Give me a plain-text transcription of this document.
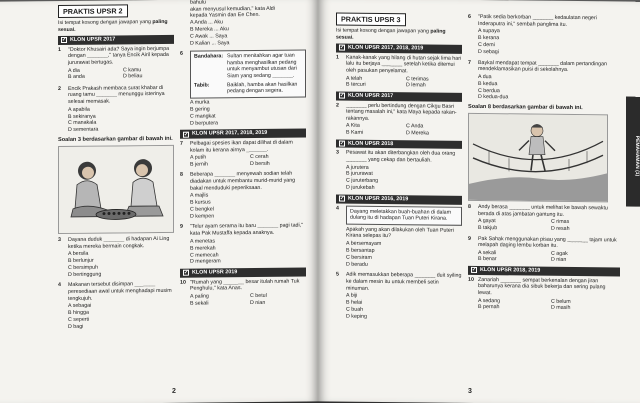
PRAKTIS UPSR 2
Isi tempat kosong dengan jawapan yang paling sesuai.
✓ KLON UPSR 2017
1	"Doktor Khusairi ada? Saya ingin berjumpa dengan _______," tanya Encik Airil kepada jururawat bertugas.
A dia	C kamu
B anda	D beliau
2	Encik Prakash membaca surat khabar di ruang tamu _______ menunggu isterinya selesai memasak.
A apabila
B sekiranya
C manakala
D sementara
Soalan 3 berdasarkan gambar di bawah ini.
3	Dayana duduk _______ di hadapan Ai Ling ketika mereka bermain congkak.
A bersila
B berlunjur
C bersimpuh
D bertinggung
4	Makanan tersebut disimpan _______ peresediaan awal untuk menghadapi musim tengkujuh.
A sebagai
B hingga
C seperti
D bagi
bahulu
akan menyusul kemudian," kata Aldi
kepada Yasmin dan Ee Chen.
A Anda ... Aku
B Mereka ... Aku
C Awak ... Saya
D Kalian ... Saya
6	Bandahara: Sultan menitahkan agar tuan hamba menghasilkan pedang untuk menyambut utusan dari Siam yang sedang _______.
Tabib:	Baiklah, hamba akan hasilkan pedang dengan segera.
A murka
B gering
C mangkat
D berputera
✓ KLON UPSR 2017, 2018, 2019
7	Pelbagai spesies ikan dapat dilihat di dalam kolam itu kerana airnya _______.
A putih	C cerah
B jernih	D bersih
8	Beberapa _______ menyewah sodian telah diadakan untuk membantu murid-murid yang bakal menduduki peperiksaan.
A majlis
B kursus
C bengkel
D kempen
9	"Telur ayam serama itu baru _______ pagi tadi," kata Pak Mustaffa kepada anaknya.
A menetas
B merekah
C memecah
D mengeram
✓ KLON UPSR 2019
10 "Rumah yang _______ besar itulah rumah Tuk Penghulu," kata Anas.
A paling	C betul
B sekali	D nian
2
PRAKTIS UPSR 3
Isi tempat kosong dengan jawapan yang paling sesuai.
✓ KLON UPSR 2017, 2018, 2019
1	Kanak-kanak yang hilang di hutan sejak lima hari lalu itu berjaya _______ setelah ketika ditemui oleh pasukan penyelamat.
A telah	C terimas
B tercuri	D lemah
✓ KLON UPSR 2017
2	_______ perlu bertindung dengan Cikgu Basri tentang masalah ini," kata Maya kepada rakan-rakannya.
A Kita	C Anda
B Kami	D Mereka
✓ KLON UPSR 2018
3	Pesawat itu akan diterbangkan oleh dua orang _______ yang cekap dan bertauliah.
A jurutera
B jururawat
C juruterbang
D jurukebah
✓ KLON UPSR 2016, 2019
4
Dayang meletakkan buah-buahan di dalam dulang itu di hadapan Tuan Puteri Kirana.
Apakah yang akan dilakukan oleh Tuan Puteri Kirana selepas itu?
A bersemayam
B bersantap
C bersiram
D beradu
5	Adik memasukkan beberapa _______ duit syiling ke dalam mesin itu untuk membeli setin minuman.
A biji
B helai
C buah
D keping
6	"Patik sedia berkorban _______ kedaulatan negeri Inderaputra ini," sembah panglima itu.
A supaya
B kerana
C demi
D sebagi
7	Baykal mendapat tempat _______ dalam pertandingan mendeklamasikan puisi di sekolahnya.
A dua
B kedua
C berdua
D kedua-dua
Soalan 8 berdasarkan gambar di bawah ini.
8	Andy berasa _______ untuk melihat ke bawah sewaktu berada di atas jambatan gantung itu.
A gayat	C rimas
B takjub	D resah
9	Pak Sahak menggunakan pisau yang _______ tajam untuk melapah daging lembu korban itu.
A sekali	C agak
B benar	D nian
✓ KLON UPSR 2018, 2019
10 Zanariah _______ sempat berkenalan dengan jiran baharunya kerana dia sibuk bekerja dan sering pulang lewat.
A sedang	C belum
B pernah	D masih
PEMAHAMAN (1)
3
